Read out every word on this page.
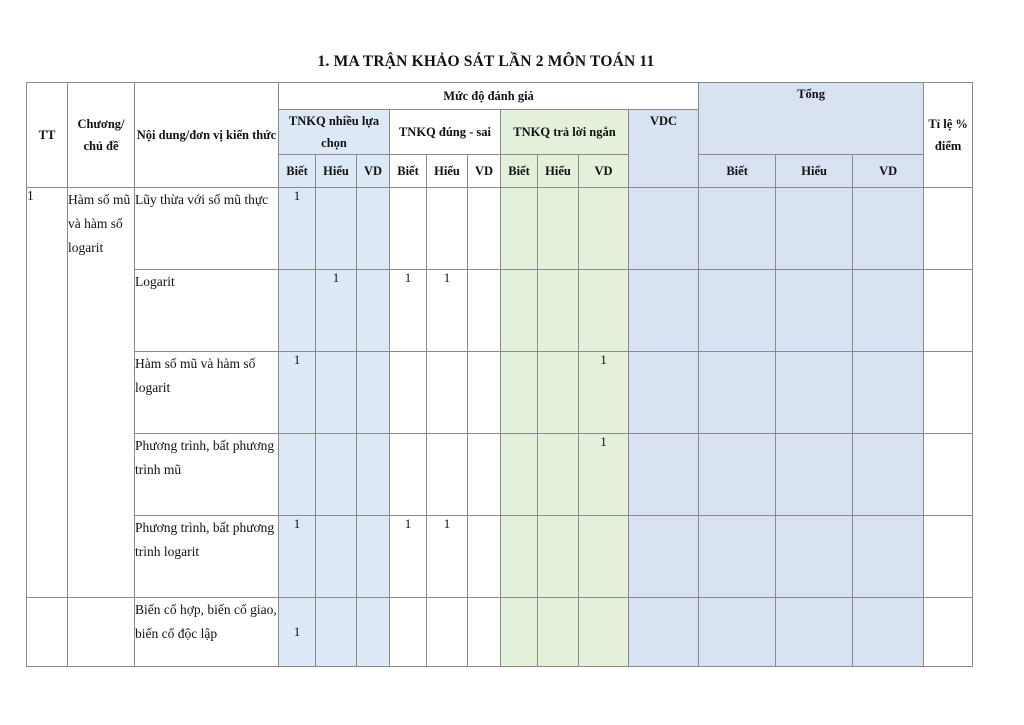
1. MA TRẬN KHẢO SÁT LẦN 2 MÔN TOÁN 11
TT	Chương/ chủ đề	Nội dung/đơn vị kiến thức	Mức độ đánh giá										Tổng			Tỉ lệ % điểm
			TNKQ nhiều lựa chọn			TNKQ đúng - sai			TNKQ trả lời ngắn			VDC				
			Biết	Hiểu	VD	Biết	Hiểu	VD	Biết	Hiểu	VD		Biết	Hiểu	VD	
1	Hàm số mũ và hàm số logarit	Lũy thừa với số mũ thực	1													
		Logarit		1		1	1									
		Hàm số mũ và hàm số logarit	1								1					
		Phương trình, bất phương trình mũ									1					
		Phương trình, bất phương trình logarit	1			1	1									
		Biến cố hợp, biến cố giao, biến cố độc lập	1													
